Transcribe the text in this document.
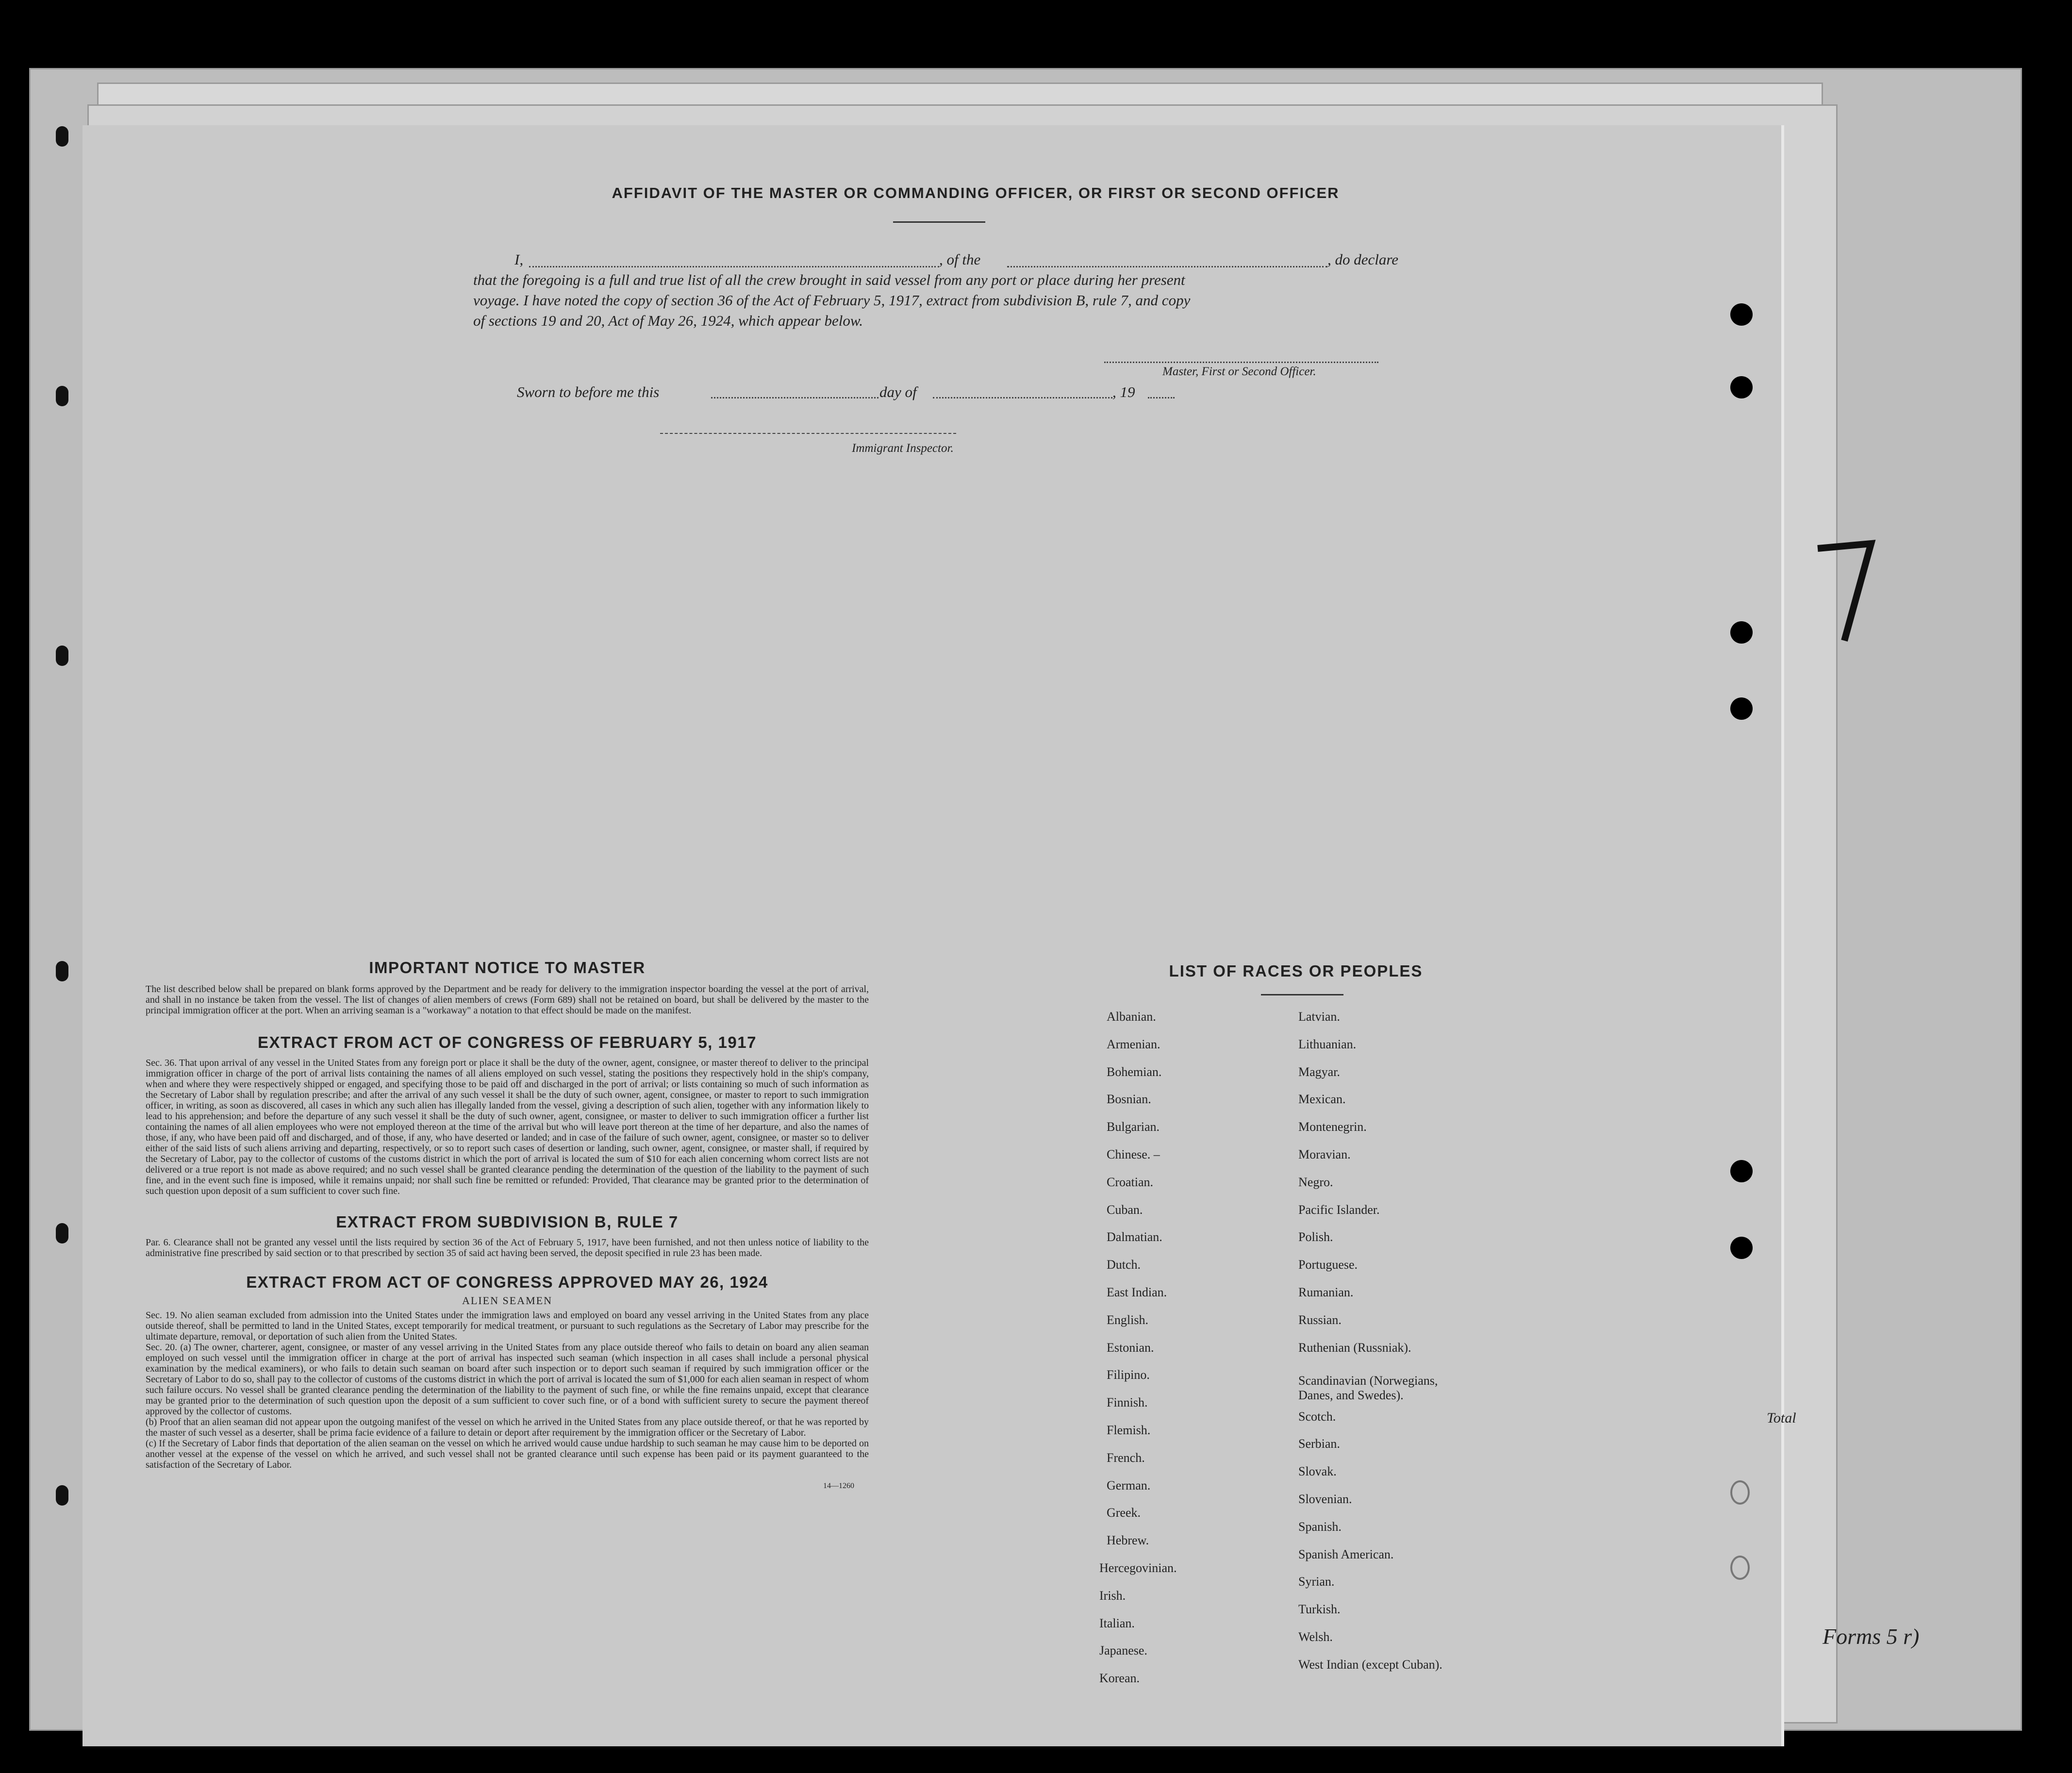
Total
Forms 5 r)
AFFIDAVIT OF THE MASTER OR COMMANDING OFFICER, OR FIRST OR SECOND OFFICER
I,	, of the	, do declare
that the foregoing is a full and true list of all the crew brought in said vessel from any port or place during her present
voyage. I have noted the copy of section 36 of the Act of February 5, 1917, extract from subdivision B, rule 7, and copy
of sections 19 and 20, Act of May 26, 1924, which appear below.
Master, First or Second Officer.
Sworn to before me this	day of	, 19
Immigrant Inspector.

IMPORTANT NOTICE TO MASTER

The list described below shall be prepared on blank forms approved by the Department and be ready for delivery to the immigration inspector boarding the vessel at the port of arrival, and shall in no instance be taken from the vessel. The list of changes of alien members of crews (Form 689) shall not be retained on board, but shall be delivered by the master to the principal immigration officer at the port. When an arriving seaman is a "workaway" a notation to that effect should be made on the manifest.

EXTRACT FROM ACT OF CONGRESS OF FEBRUARY 5, 1917

Sec. 36. That upon arrival of any vessel in the United States from any foreign port or place it shall be the duty of the owner, agent, consignee, or master thereof to deliver to the principal immigration officer in charge of the port of arrival lists containing the names of all aliens employed on such vessel, stating the positions they respectively hold in the ship's company, when and where they were respectively shipped or engaged, and specifying those to be paid off and discharged in the port of arrival; or lists containing so much of such information as the Secretary of Labor shall by regulation prescribe; and after the arrival of any such vessel it shall be the duty of such owner, agent, consignee, or master to report to such immigration officer, in writing, as soon as discovered, all cases in which any such alien has illegally landed from the vessel, giving a description of such alien, together with any information likely to lead to his apprehension; and before the departure of any such vessel it shall be the duty of such owner, agent, consignee, or master to deliver to such immigration officer a further list containing the names of all alien employees who were not employed thereon at the time of the arrival but who will leave port thereon at the time of her departure, and also the names of those, if any, who have been paid off and discharged, and of those, if any, who have deserted or landed; and in case of the failure of such owner, agent, consignee, or master so to deliver either of the said lists of such aliens arriving and departing, respectively, or so to report such cases of desertion or landing, such owner, agent, consignee, or master shall, if required by the Secretary of Labor, pay to the collector of customs of the customs district in which the port of arrival is located the sum of $10 for each alien concerning whom correct lists are not delivered or a true report is not made as above required; and no such vessel shall be granted clearance pending the determination of the question of the liability to the payment of such fine, and in the event such fine is imposed, while it remains unpaid; nor shall such fine be remitted or refunded: Provided, That clearance may be granted prior to the determination of such question upon deposit of a sum sufficient to cover such fine.

EXTRACT FROM SUBDIVISION B, RULE 7

Par. 6. Clearance shall not be granted any vessel until the lists required by section 36 of the Act of February 5, 1917, have been furnished, and not then unless notice of liability to the administrative fine prescribed by said section or to that prescribed by section 35 of said act having been served, the deposit specified in rule 23 has been made.

EXTRACT FROM ACT OF CONGRESS APPROVED MAY 26, 1924

ALIEN SEAMEN

Sec. 19. No alien seaman excluded from admission into the United States under the immigration laws and employed on board any vessel arriving in the United States from any place outside thereof, shall be permitted to land in the United States, except temporarily for medical treatment, or pursuant to such regulations as the Secretary of Labor may prescribe for the ultimate departure, removal, or deportation of such alien from the United States.

Sec. 20. (a) The owner, charterer, agent, consignee, or master of any vessel arriving in the United States from any place outside thereof who fails to detain on board any alien seaman employed on such vessel until the immigration officer in charge at the port of arrival has inspected such seaman (which inspection in all cases shall include a personal physical examination by the medical examiners), or who fails to detain such seaman on board after such inspection or to deport such seaman if required by such immigration officer or the Secretary of Labor to do so, shall pay to the collector of customs of the customs district in which the port of arrival is located the sum of $1,000 for each alien seaman in respect of whom such failure occurs. No vessel shall be granted clearance pending the determination of the liability to the payment of such fine, or while the fine remains unpaid, except that clearance may be granted prior to the determination of such question upon the deposit of a sum sufficient to cover such fine, or of a bond with sufficient surety to secure the payment thereof approved by the collector of customs.

(b) Proof that an alien seaman did not appear upon the outgoing manifest of the vessel on which he arrived in the United States from any place outside thereof, or that he was reported by the master of such vessel as a deserter, shall be prima facie evidence of a failure to detain or deport after requirement by the immigration officer or the Secretary of Labor.

(c) If the Secretary of Labor finds that deportation of the alien seaman on the vessel on which he arrived would cause undue hardship to such seaman he may cause him to be deported on another vessel at the expense of the vessel on which he arrived, and such vessel shall not be granted clearance until such expense has been paid or its payment guaranteed to the satisfaction of the Secretary of Labor.

14—1260

LIST OF RACES OR PEOPLES
Albanian.
Armenian.
Bohemian.
Bosnian.
Bulgarian.
Chinese. –
Croatian.
Cuban.
Dalmatian.
Dutch.
East Indian.
English.
Estonian.
Filipino.
Finnish.
Flemish.
French.
German.
Greek.
Hebrew.
Hercegovinian.
Irish.
Italian.
Japanese.
Korean.
Latvian.
Lithuanian.
Magyar.
Mexican.
Montenegrin.
Moravian.
Negro.
Pacific Islander.
Polish.
Portuguese.
Rumanian.
Russian.
Ruthenian (Russniak).
Scandinavian (Norwegians, Danes, and Swedes).
Scotch.
Serbian.
Slovak.
Slovenian.
Spanish.
Spanish American.
Syrian.
Turkish.
Welsh.
West Indian (except Cuban).
